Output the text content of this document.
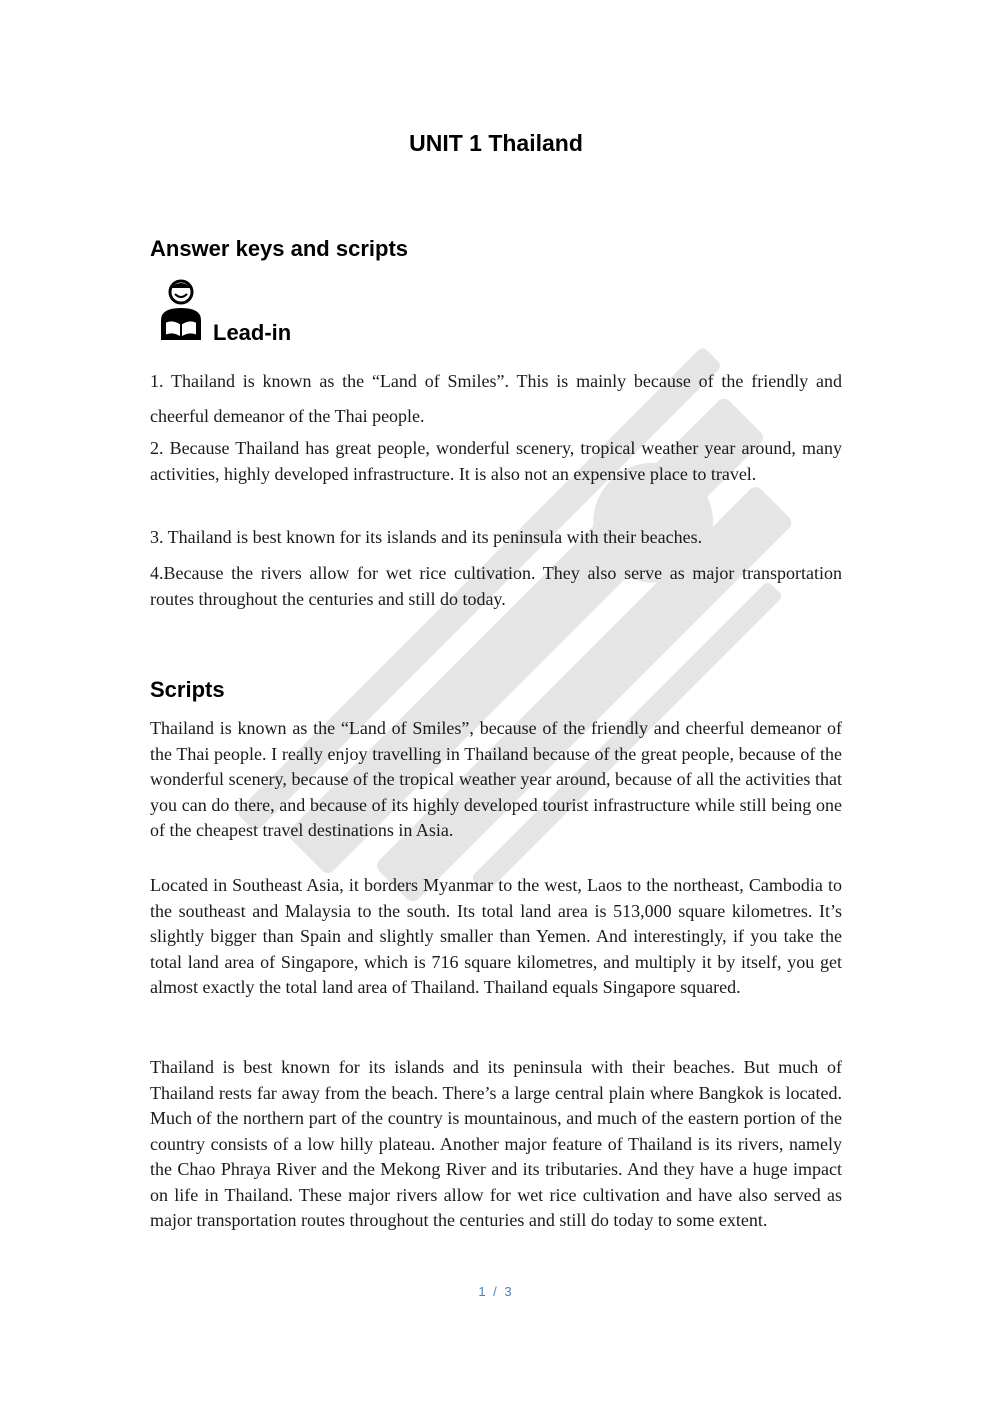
UNIT 1 Thailand
Answer keys and scripts
Lead-in

1. Thailand is known as the “Land of Smiles”. This is mainly because of the friendly and cheerful demeanor of the Thai people.

2. Because Thailand has great people, wonderful scenery, tropical weather year around, many activities, highly developed infrastructure. It is also not an expensive place to travel.

3. Thailand is best known for its islands and its peninsula with their beaches.

4.Because the rivers allow for wet rice cultivation. They also serve as major transportation routes throughout the centuries and still do today.

Scripts

Thailand is known as the “Land of Smiles”, because of the friendly and cheerful demeanor of the Thai people. I really enjoy travelling in Thailand because of the great people, because of the wonderful scenery, because of the tropical weather year around, because of all the activities that you can do there, and because of its highly developed tourist infrastructure while still being one of the cheapest travel destinations in Asia.

Located in Southeast Asia, it borders Myanmar to the west, Laos to the northeast, Cambodia to the southeast and Malaysia to the south. Its total land area is 513,000 square kilometres. It’s slightly bigger than Spain and slightly smaller than Yemen. And interestingly, if you take the total land area of Singapore, which is 716 square kilometres, and multiply it by itself, you get almost exactly the total land area of Thailand. Thailand equals Singapore squared.

Thailand is best known for its islands and its peninsula with their beaches. But much of Thailand rests far away from the beach. There’s a large central plain where Bangkok is located. Much of the northern part of the country is mountainous, and much of the eastern portion of the country consists of a low hilly plateau. Another major feature of Thailand is its rivers, namely the Chao Phraya River and the Mekong River and its tributaries. And they have a huge impact on life in Thailand. These major rivers allow for wet rice cultivation and have also served as major transportation routes throughout the centuries and still do today to some extent.

1 / 3
